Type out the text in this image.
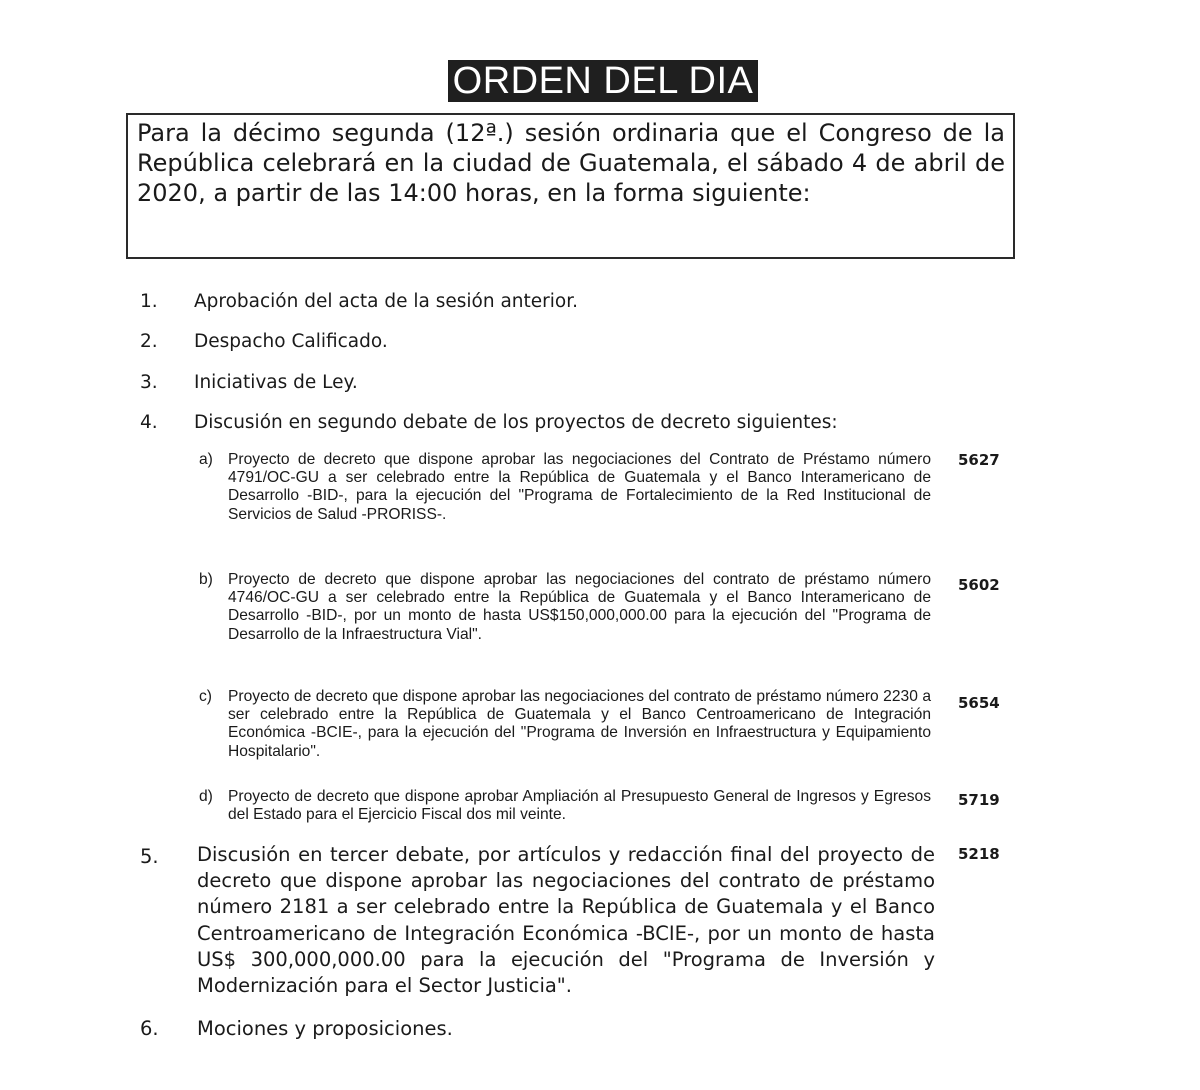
ORDEN DEL DIA
Para la décimo segunda (12ª.) sesión ordinaria que el Congreso de la República celebrará en la ciudad de Guatemala, el sábado 4 de abril de 2020, a partir de las 14:00 horas, en la forma siguiente:
1. Aprobación del acta de la sesión anterior.
2. Despacho Calificado.
3. Iniciativas de Ley.
4. Discusión en segundo debate de los proyectos de decreto siguientes:
a) Proyecto de decreto que dispone aprobar las negociaciones del Contrato de Préstamo número 4791/OC-GU a ser celebrado entre la República de Guatemala y el Banco Interamericano de Desarrollo -BID-, para la ejecución del "Programa de Fortalecimiento de la Red Institucional de Servicios de Salud -PRORISS-.
5627
b) Proyecto de decreto que dispone aprobar las negociaciones del contrato de préstamo número 4746/OC-GU a ser celebrado entre la República de Guatemala y el Banco Interamericano de Desarrollo -BID-, por un monto de hasta US$150,000,000.00 para la ejecución del "Programa de Desarrollo de la Infraestructura Vial".
5602
c) Proyecto de decreto que dispone aprobar las negociaciones del contrato de préstamo número 2230 a ser celebrado entre la República de Guatemala y el Banco Centroamericano de Integración Económica -BCIE-, para la ejecución del "Programa de Inversión en Infraestructura y Equipamiento Hospitalario".
5654
d) Proyecto de decreto que dispone aprobar Ampliación al Presupuesto General de Ingresos y Egresos del Estado para el Ejercicio Fiscal dos mil veinte.
5719
5. Discusión en tercer debate, por artículos y redacción final del proyecto de decreto que dispone aprobar las negociaciones del contrato de préstamo número 2181 a ser celebrado entre la República de Guatemala y el Banco Centroamericano de Integración Económica -BCIE-, por un monto de hasta US$ 300,000,000.00 para la ejecución del "Programa de Inversión y Modernización para el Sector Justicia".
5218
6. Mociones y proposiciones.
